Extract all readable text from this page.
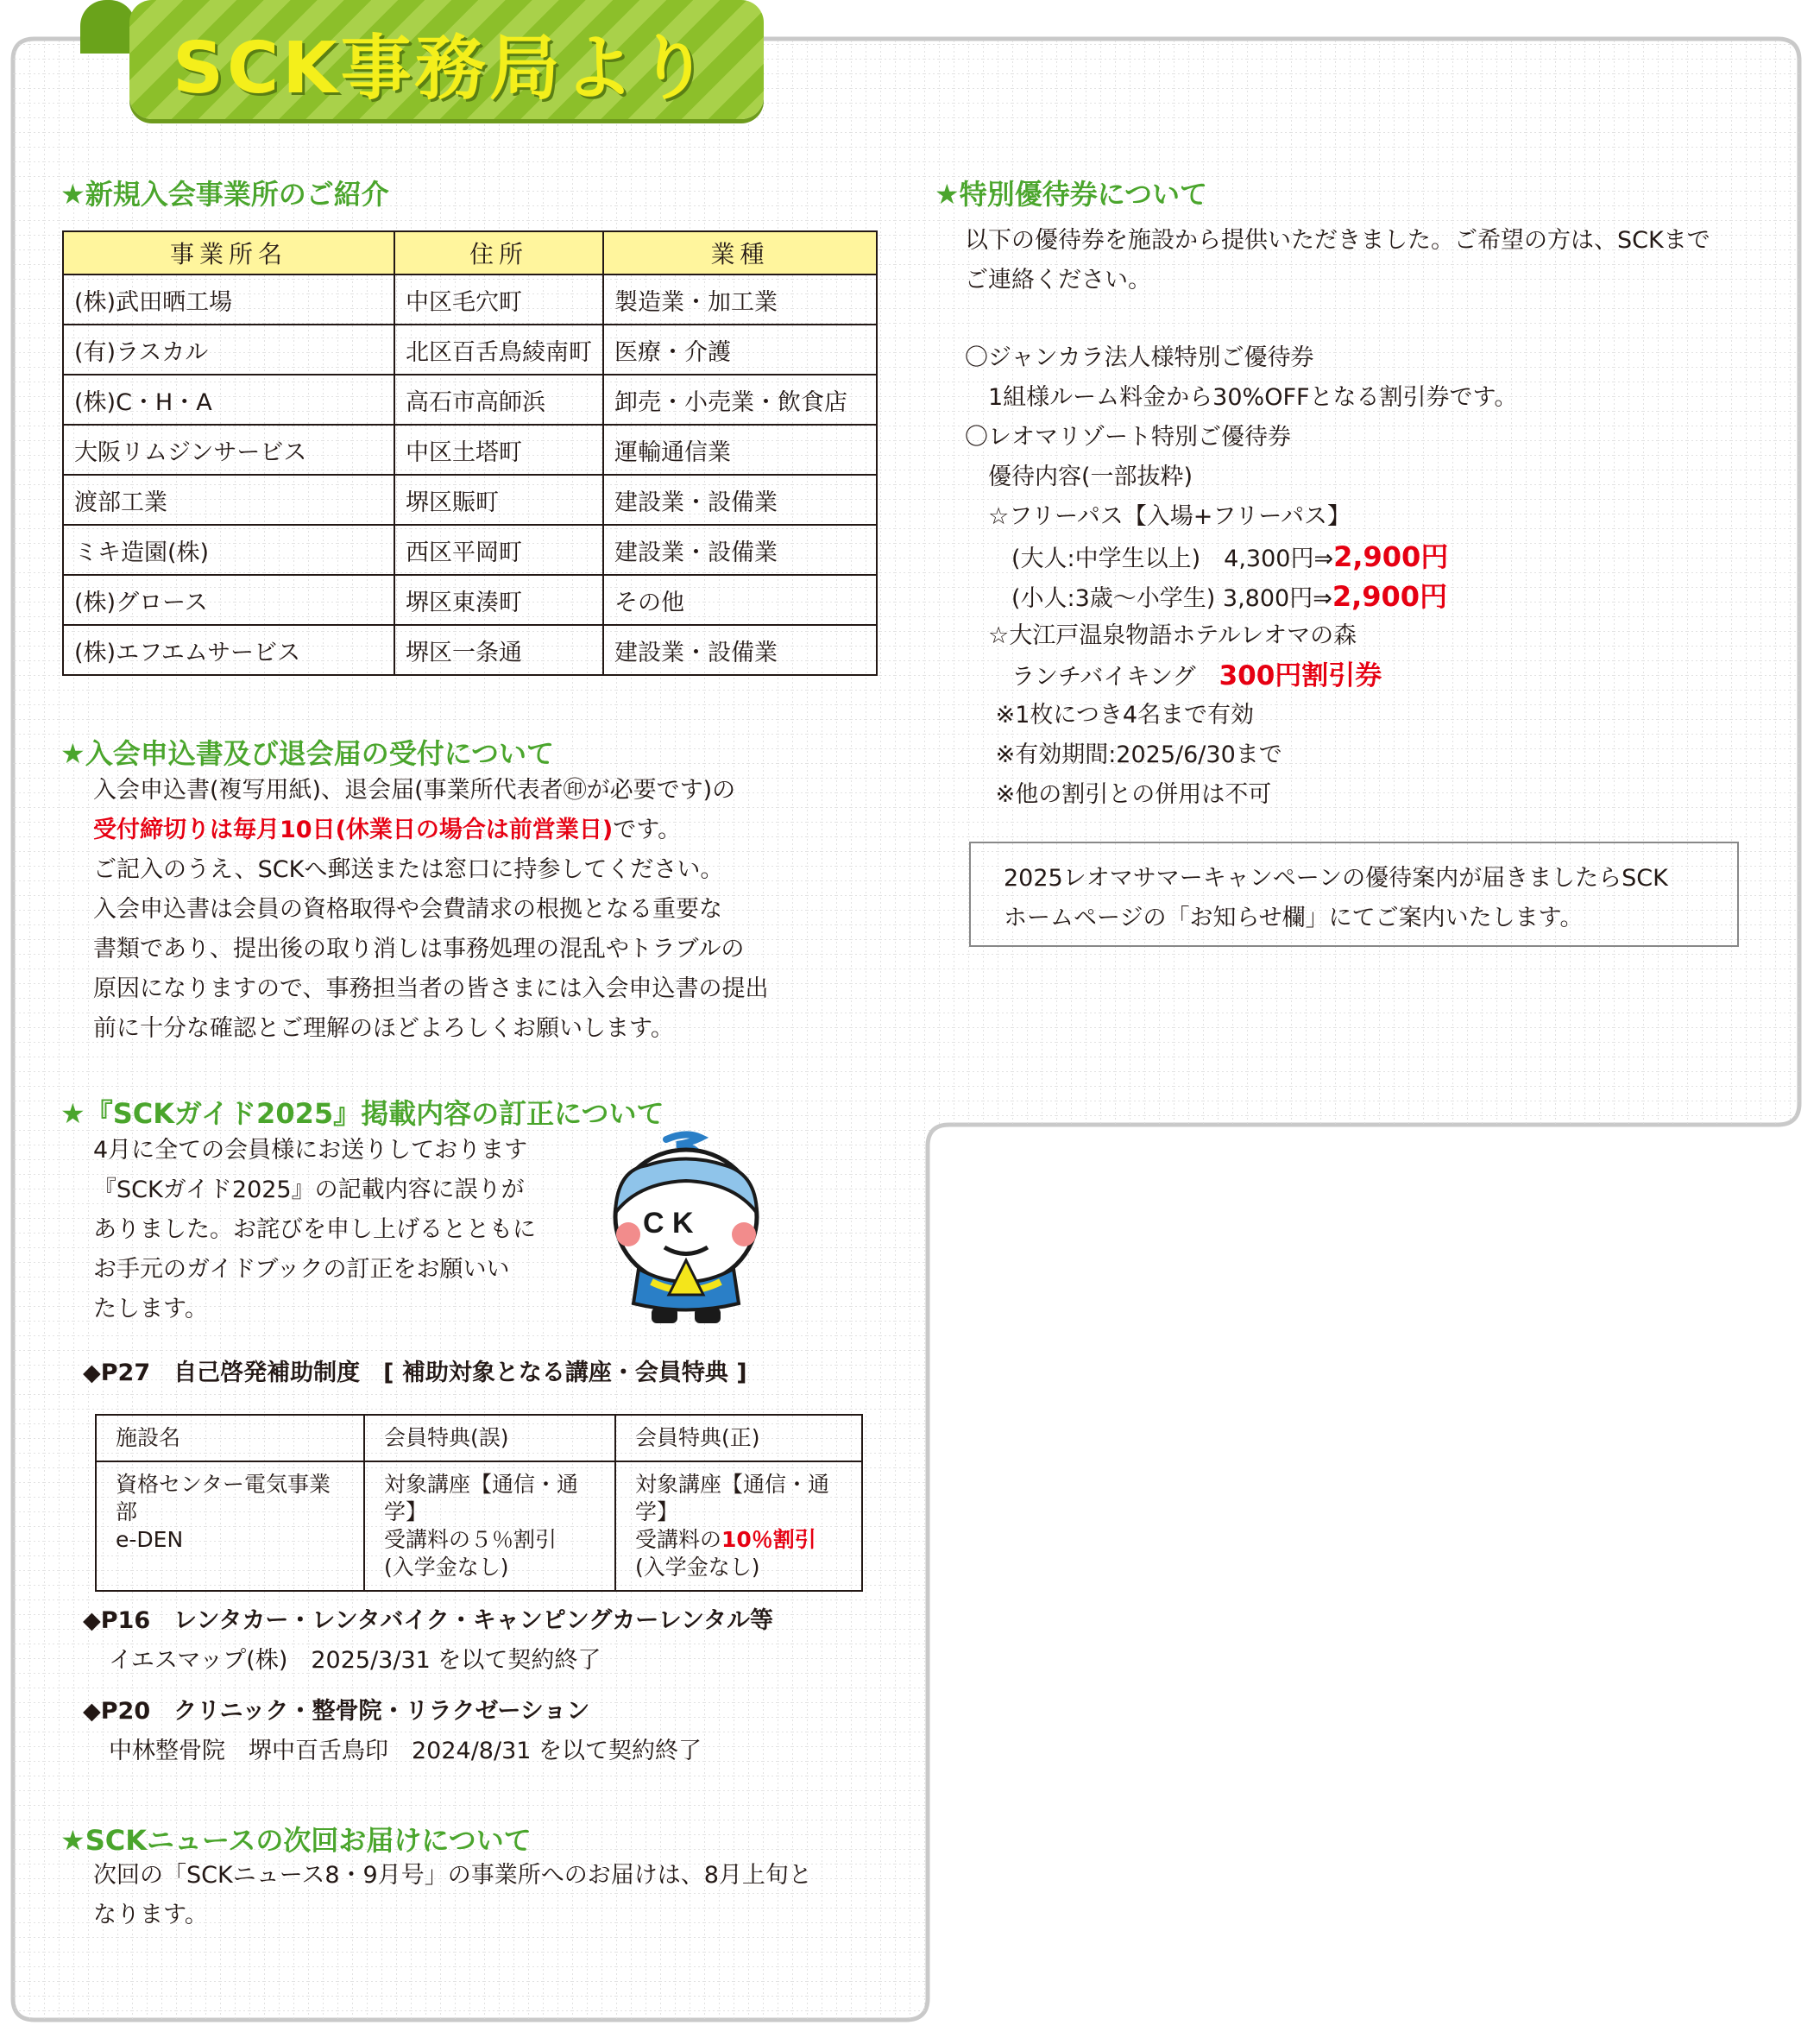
SCK事務局より
★新規入会事業所のご紹介
事業所名	住所	業種
(株)武田晒工場	中区毛穴町	製造業・加工業
(有)ラスカル	北区百舌鳥綾南町	医療・介護
(株)C・H・A	高石市高師浜	卸売・小売業・飲食店
大阪リムジンサービス	中区土塔町	運輸通信業
渡部工業	堺区賑町	建設業・設備業
ミキ造園(株)	西区平岡町	建設業・設備業
(株)グロース	堺区東湊町	その他
(株)エフエムサービス	堺区一条通	建設業・設備業
★入会申込書及び退会届の受付について

入会申込書(複写用紙)、退会届(事業所代表者㊞が必要です)の

受付締切りは毎月10日(休業日の場合は前営業日)です。

ご記入のうえ、SCKへ郵送または窓口に持参してください。
入会申込書は会員の資格取得や会費請求の根拠となる重要な
書類であり、提出後の取り消しは事務処理の混乱やトラブルの
原因になりますので、事務担当者の皆さまには入会申込書の提出
前に十分な確認とご理解のほどよろしくお願いします。

★『SCKガイド2025』掲載内容の訂正について

4月に全ての会員様にお送りしております
『SCKガイド2025』の記載内容に誤りが
ありました。お詫びを申し上げるとともに
お手元のガイドブックの訂正をお願いい
たします。

C K

◆P27　自己啓発補助制度　[ 補助対象となる講座・会員特典 ]

施設名	会員特典(誤)	会員特典(正)
資格センター電気事業部
e-DEN	対象講座【通信・通学】
受講料の５％割引
(入学金なし)	対象講座【通信・通学】
受講料の10％割引
(入学金なし)

◆P16　レンタカー・レンタバイク・キャンピングカーレンタル等

イエスマップ(株)　2025/3/31 を以て契約終了

◆P20　クリニック・整骨院・リラクゼーション

中林整骨院　堺中百舌鳥印　2024/8/31 を以て契約終了

★SCKニュースの次回お届けについて

次回の「SCKニュース8・9月号」の事業所へのお届けは、8月上旬と
なります。

★特別優待券について

以下の優待券を施設から提供いただきました。ご希望の方は、SCKまで
ご連絡ください。

〇ジャンカラ法人様特別ご優待券
　1組様ルーム料金から30%OFFとなる割引券です。

〇レオマリゾート特別ご優待券
　優待内容(一部抜粋)
　☆フリーパス【入場+フリーパス】

　　(大人:中学生以上)　4,300円⇒2,900円

　　(小人:3歳～小学生) 3,800円⇒2,900円

　☆大江戸温泉物語ホテルレオマの森
　　ランチバイキング　300円割引券

　 ※1枚につき4名まで有効
　 ※有効期間:2025/6/30まで
　 ※他の割引との併用は不可

2025レオマサマーキャンペーンの優待案内が届きましたらSCK
ホームページの「お知らせ欄」にてご案内いたします。
